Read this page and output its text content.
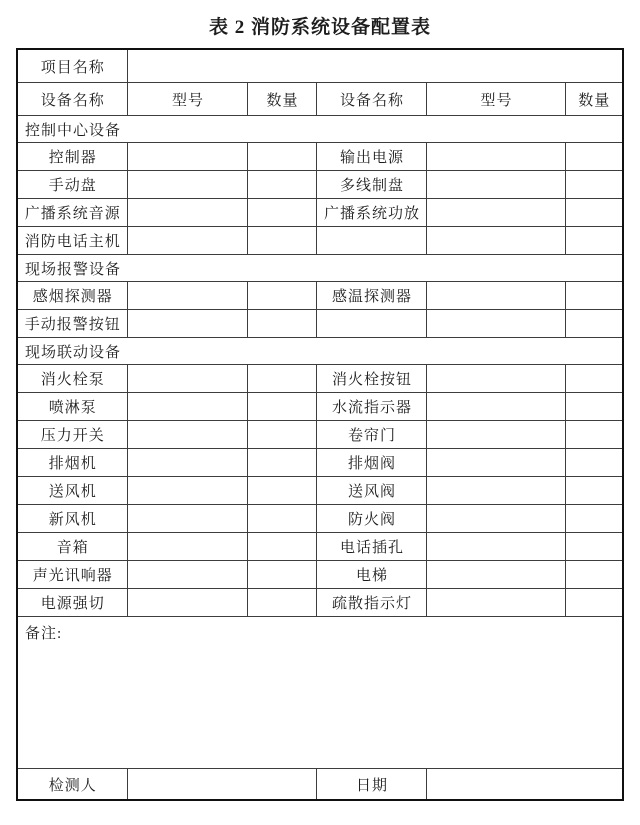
表 2 消防系统设备配置表
项目名称					
设备名称	型号	数量	设备名称	型号	数量
控制中心设备					
控制器			输出电源		
手动盘			多线制盘		
广播系统音源			广播系统功放		
消防电话主机					
现场报警设备					
感烟探测器			感温探测器		
手动报警按钮					
现场联动设备					
消火栓泵			消火栓按钮		
喷淋泵			水流指示器		
压力开关			卷帘门		
排烟机			排烟阀		
送风机			送风阀		
新风机			防火阀		
音箱			电话插孔		
声光讯响器			电梯		
电源强切			疏散指示灯		
备注:					
检测人			日期		
